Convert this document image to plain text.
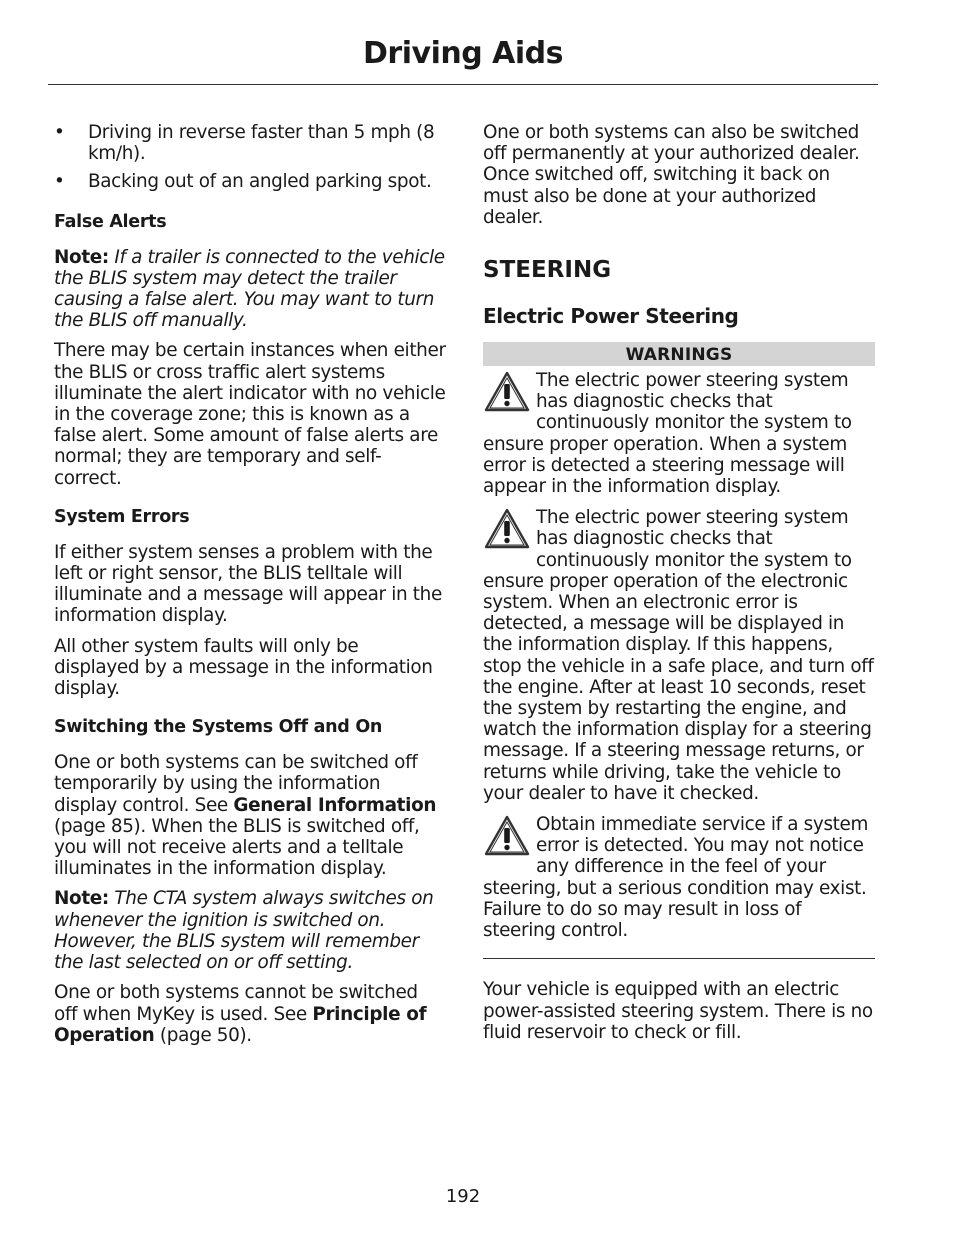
Driving Aids

•	Driving in reverse faster than 5 mph (8 km/h).

•	Backing out of an angled parking spot.

False Alerts

Note: If a trailer is connected to the vehicle the BLIS system may detect the trailer causing a false alert. You may want to turn the BLIS off manually.

There may be certain instances when either the BLIS or cross traffic alert systems illuminate the alert indicator with no vehicle in the coverage zone; this is known as a false alert. Some amount of false alerts are normal; they are temporary and self-correct.

System Errors

If either system senses a problem with the left or right sensor, the BLIS telltale will illuminate and a message will appear in the information display.

All other system faults will only be displayed by a message in the information display.

Switching the Systems Off and On

One or both systems can be switched off temporarily by using the information display control. See General Information (page 85). When the BLIS is switched off, you will not receive alerts and a telltale illuminates in the information display.

Note: The CTA system always switches on whenever the ignition is switched on. However, the BLIS system will remember the last selected on or off setting.

One or both systems cannot be switched off when MyKey is used. See Principle of Operation (page 50).

One or both systems can also be switched off permanently at your authorized dealer. Once switched off, switching it back on must also be done at your authorized dealer.

STEERING
Electric Power Steering
WARNINGS

The electric power steering system has diagnostic checks that continuously monitor the system to ensure proper operation. When a system error is detected a steering message will appear in the information display.

The electric power steering system has diagnostic checks that continuously monitor the system to ensure proper operation of the electronic system. When an electronic error is detected, a message will be displayed in the information display. If this happens, stop the vehicle in a safe place, and turn off the engine. After at least 10 seconds, reset the system by restarting the engine, and watch the information display for a steering message. If a steering message returns, or returns while driving, take the vehicle to your dealer to have it checked.

Obtain immediate service if a system error is detected. You may not notice any difference in the feel of your steering, but a serious condition may exist. Failure to do so may result in loss of steering control.

Your vehicle is equipped with an electric power-assisted steering system. There is no fluid reservoir to check or fill.

192
